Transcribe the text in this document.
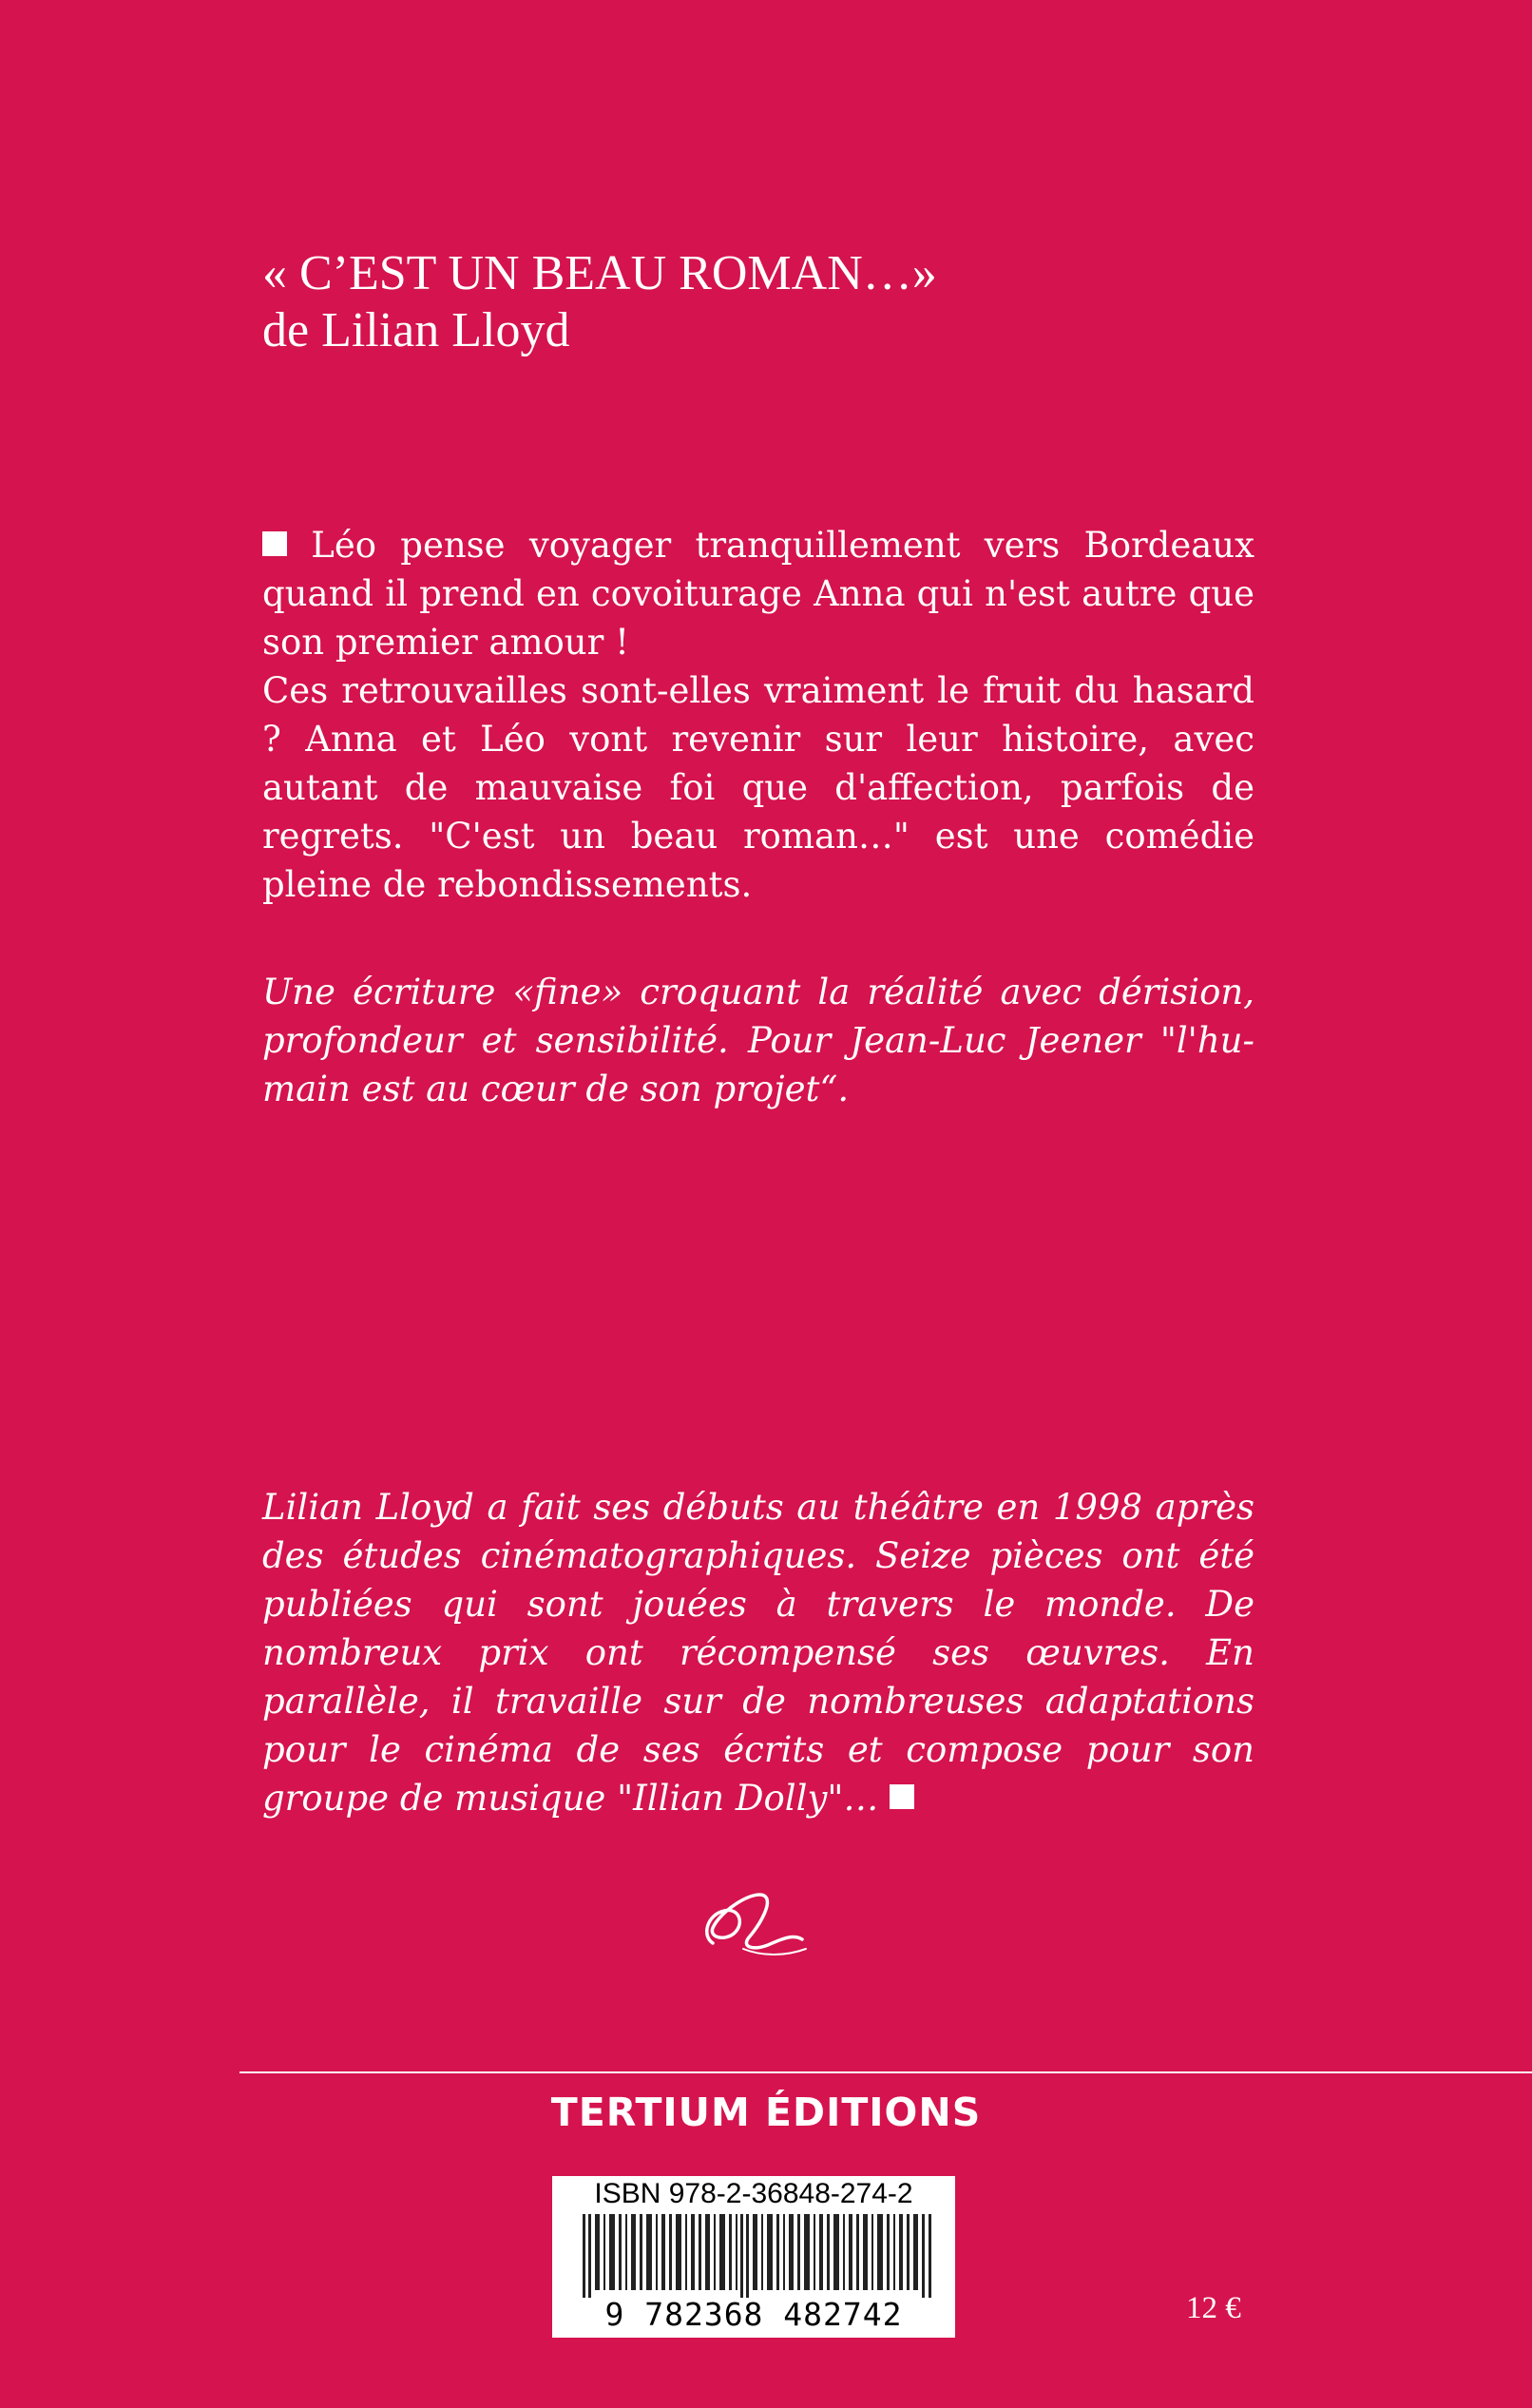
« C’EST UN BEAU ROMAN…»
de Lilian Lloyd

Léo pense voyager tranquillement vers Bordeaux quand il prend en covoiturage Anna qui n'est autre que son premier amour !

Ces retrouvailles sont-elles vraiment le fruit du hasard ? Anna et Léo vont revenir sur leur histoire, avec autant de mauvaise foi que d'affection, parfois de regrets. "C'est un beau roman…" est une comédie pleine de rebondissements.

Une écriture «fine» croquant la réalité avec dérision, profondeur et sensibilité. Pour Jean-Luc Jeener "l'hu-main est au cœur de son projet“.

Lilian Lloyd a fait ses débuts au théâtre en 1998 après des études cinématographiques. Seize pièces ont été publiées qui sont jouées à travers le monde. De nombreux prix ont récompensé ses œuvres. En parallèle, il travaille sur de nombreuses adaptations pour le cinéma de ses écrits et compose pour son groupe de musique "Illian Dolly"…

TERTIUM ÉDITIONS
ISBN 978-2-36848-274-2
9 782368 482742	12 €
